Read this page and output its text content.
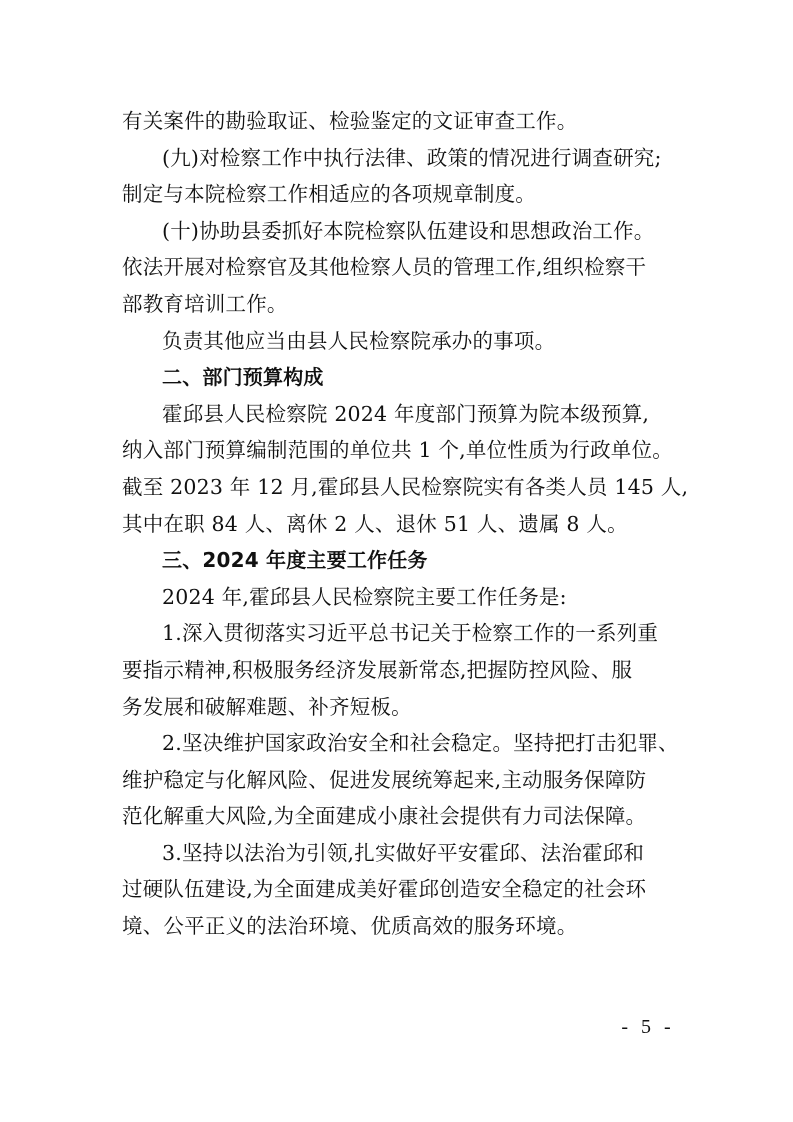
有关案件的勘验取证、检验鉴定的文证审查工作。
(九)对检察工作中执行法律、政策的情况进行调查研究;
制定与本院检察工作相适应的各项规章制度。
(十)协助县委抓好本院检察队伍建设和思想政治工作。
依法开展对检察官及其他检察人员的管理工作,组织检察干
部教育培训工作。
负责其他应当由县人民检察院承办的事项。
二、部门预算构成
霍邱县人民检察院 2024 年度部门预算为院本级预算,
纳入部门预算编制范围的单位共 1 个,单位性质为行政单位。
截至 2023 年 12 月,霍邱县人民检察院实有各类人员 145 人,
其中在职 84 人、离休 2 人、退休 51 人、遗属 8 人。
三、2024 年度主要工作任务
2024 年,霍邱县人民检察院主要工作任务是:
1.深入贯彻落实习近平总书记关于检察工作的一系列重
要指示精神,积极服务经济发展新常态,把握防控风险、服
务发展和破解难题、补齐短板。
2.坚决维护国家政治安全和社会稳定。坚持把打击犯罪、
维护稳定与化解风险、促进发展统筹起来,主动服务保障防
范化解重大风险,为全面建成小康社会提供有力司法保障。
3.坚持以法治为引领,扎实做好平安霍邱、法治霍邱和
过硬队伍建设,为全面建成美好霍邱创造安全稳定的社会环
境、公平正义的法治环境、优质高效的服务环境。
- 5 -
